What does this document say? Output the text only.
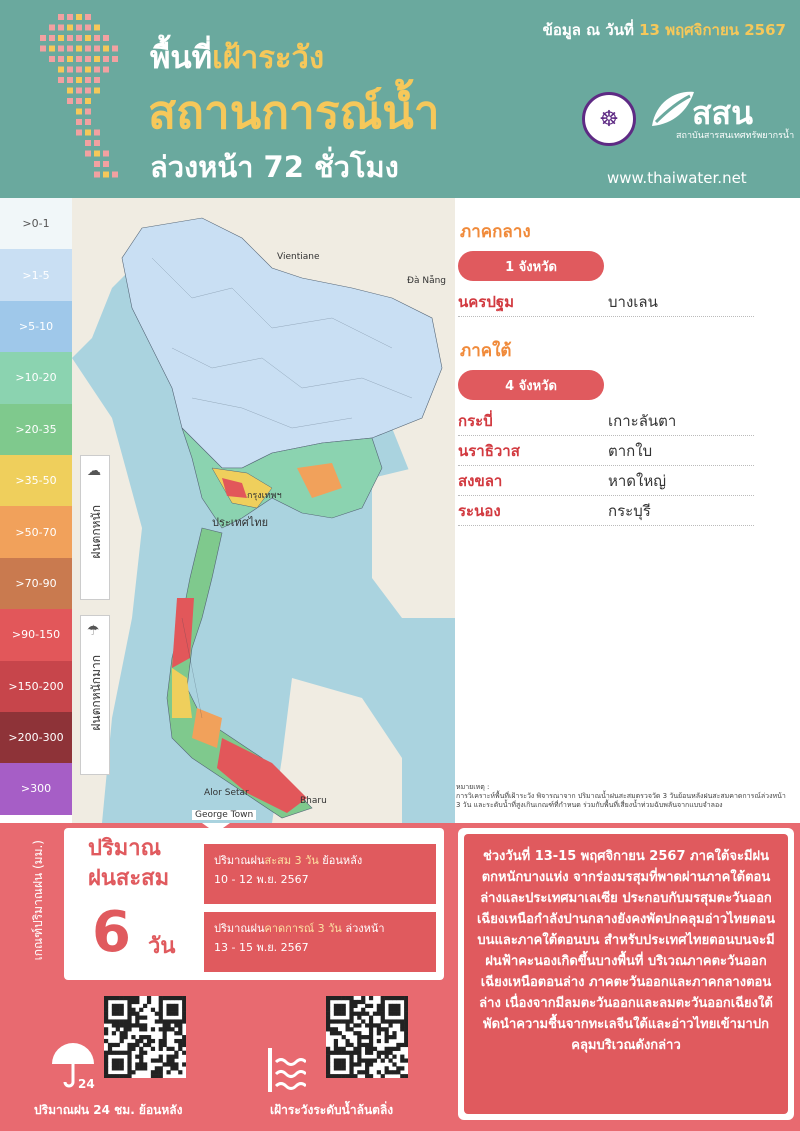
ข้อมูล ณ วันที่ 13 พฤศจิกายน 2567
พื้นที่เฝ้าระวัง
สถานการณ์น้ำ
ล่วงหน้า 72 ชั่วโมง
☸	สสน
สถาบันสารสนเทศทรัพยากรน้ำ
www.thaiwater.net
>0-1
>1-5
>5-10
>10-20
>20-35
>35-50
>50-70
>70-90
>90-150
>150-200
>200-300
>300
ประเทศไทย
กรุงเทพฯ
Vientiane
Đà Nẵng
Alor Setar
Bharu
George Town
☁
☂
ฝนตกหนัก
ฝนตกหนักมาก
ภาคกลาง
1 จังหวัด
นครปฐม	บางเลน
ภาคใต้
4 จังหวัด
กระบี่	เกาะลันตา
นราธิวาส	ตากใบ
สงขลา	หาดใหญ่
ระนอง	กระบุรี
หมายเหตุ :
การวิเคราะห์พื้นที่เฝ้าระวัง พิจารณาจาก ปริมาณน้ำฝนสะสมตรวจวัด 3 วันย้อนหลังฝนสะสมคาดการณ์ล่วงหน้า 3 วัน และระดับน้ำที่สูงเกินเกณฑ์ที่กำหนด ร่วมกับพื้นที่เสี่ยงน้ำท่วมฉับพลันจากแบบจำลอง
เกณฑ์ปริมาณฝน (มม.) ปริมาณ
ฝนสะสม
6 วัน
ปริมาณฝนสะสม 3 วัน ย้อนหลัง
10 - 12 พ.ย. 2567
ปริมาณฝนคาดการณ์ 3 วัน ล่วงหน้า
13 - 15 พ.ย. 2567
ช่วงวันที่ 13-15 พฤศจิกายน 2567 ภาคใต้จะมีฝนตกหนักบางแห่ง จากร่องมรสุมที่พาดผ่านภาคใต้ตอนล่างและประเทศมาเลเซีย ประกอบกับมรสุมตะวันออกเฉียงเหนือกำลังปานกลางยังคงพัดปกคลุมอ่าวไทยตอนบนและภาคใต้ตอนบน สำหรับประเทศไทยตอนบนจะมีฝนฟ้าคะนองเกิดขึ้นบางพื้นที่ บริเวณภาคตะวันออกเฉียงเหนือตอนล่าง ภาคตะวันออกและภาคกลางตอนล่าง เนื่องจากมีลมตะวันออกและลมตะวันออกเฉียงใต้พัดนำความชื้นจากทะเลจีนใต้และอ่าวไทยเข้ามาปกคลุมบริเวณดังกล่าว
24
ปริมาณฝน 24 ชม. ย้อนหลัง	เฝ้าระวังระดับน้ำล้นตลิ่ง
